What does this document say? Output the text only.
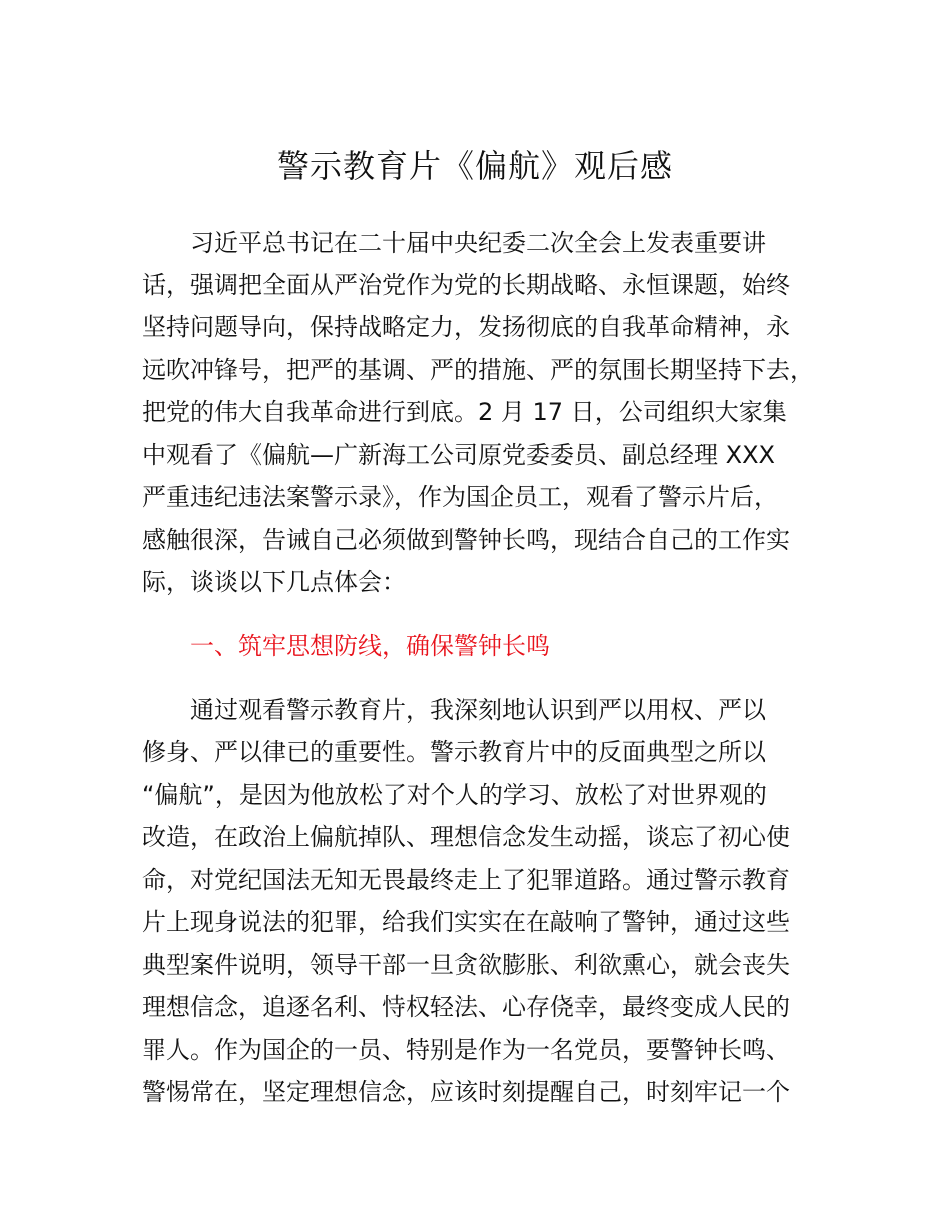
警示教育片《偏航》观后感
习近平总书记在二十届中央纪委二次全会上发表重要讲
话，强调把全面从严治党作为党的长期战略、永恒课题，始终
坚持问题导向，保持战略定力，发扬彻底的自我革命精神，永
远吹冲锋号，把严的基调、严的措施、严的氛围长期坚持下去，
把党的伟大自我革命进行到底。2 月 17 日，公司组织大家集
中观看了《偏航—广新海工公司原党委委员、副总经理 XXX
严重违纪违法案警示录》，作为国企员工，观看了警示片后，
感触很深，告诫自己必须做到警钟长鸣，现结合自己的工作实
际，谈谈以下几点体会：
一、筑牢思想防线，确保警钟长鸣
通过观看警示教育片，我深刻地认识到严以用权、严以
修身、严以律已的重要性。警示教育片中的反面典型之所以
“偏航”，是因为他放松了对个人的学习、放松了对世界观的
改造，在政治上偏航掉队、理想信念发生动摇，谈忘了初心使
命，对党纪国法无知无畏最终走上了犯罪道路。通过警示教育
片上现身说法的犯罪，给我们实实在在敲响了警钟，通过这些
典型案件说明，领导干部一旦贪欲膨胀、利欲熏心，就会丧失
理想信念，追逐名利、恃权轻法、心存侥幸，最终变成人民的
罪人。作为国企的一员、特别是作为一名党员，要警钟长鸣、
警惕常在，坚定理想信念，应该时刻提醒自己，时刻牢记一个
